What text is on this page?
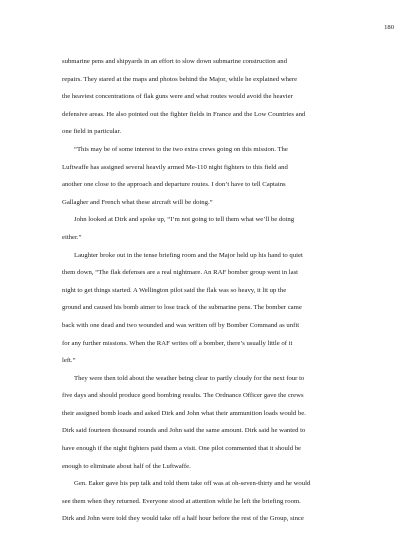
180

submarine pens and shipyards in an effort to slow down submarine construction and
repairs. They stared at the maps and photos behind the Major, while he explained where
the heaviest concentrations of flak guns were and what routes would avoid the heavier
defensive areas. He also pointed out the fighter fields in France and the Low Countries and
one field in particular.

“This may be of some interest to the two extra crews going on this mission. The
Luftwaffe has assigned several heavily armed Me-110 night fighters to this field and
another one close to the approach and departure routes. I don’t have to tell Captains
Gallagher and French what these aircraft will be doing.”

John looked at Dirk and spoke up, “I’m not going to tell them what we’ll be doing
either.”

Laughter broke out in the tense briefing room and the Major held up his hand to quiet
them down, “The flak defenses are a real nightmare. An RAF bomber group went in last
night to get things started. A Wellington pilot said the flak was so heavy, it lit up the
ground and caused his bomb aimer to lose track of the submarine pens. The bomber came
back with one dead and two wounded and was written off by Bomber Command as unfit
for any further missions. When the RAF writes off a bomber, there’s usually little of it
left.”

They were then told about the weather being clear to partly cloudy for the next four to
five days and should produce good bombing results. The Ordnance Officer gave the crews
their assigned bomb loads and asked Dirk and John what their ammunition loads would be.
Dirk said fourteen thousand rounds and John said the same amount. Dirk said he wanted to
have enough if the night fighters paid them a visit. One pilot commented that it should be
enough to eliminate about half of the Luftwaffe.

Gen. Eaker gave his pep talk and told them take off was at oh-seven-thirty and he would
see them when they returned. Everyone stood at attention while he left the briefing room.
Dirk and John were told they would take off a half hour before the rest of the Group, since
